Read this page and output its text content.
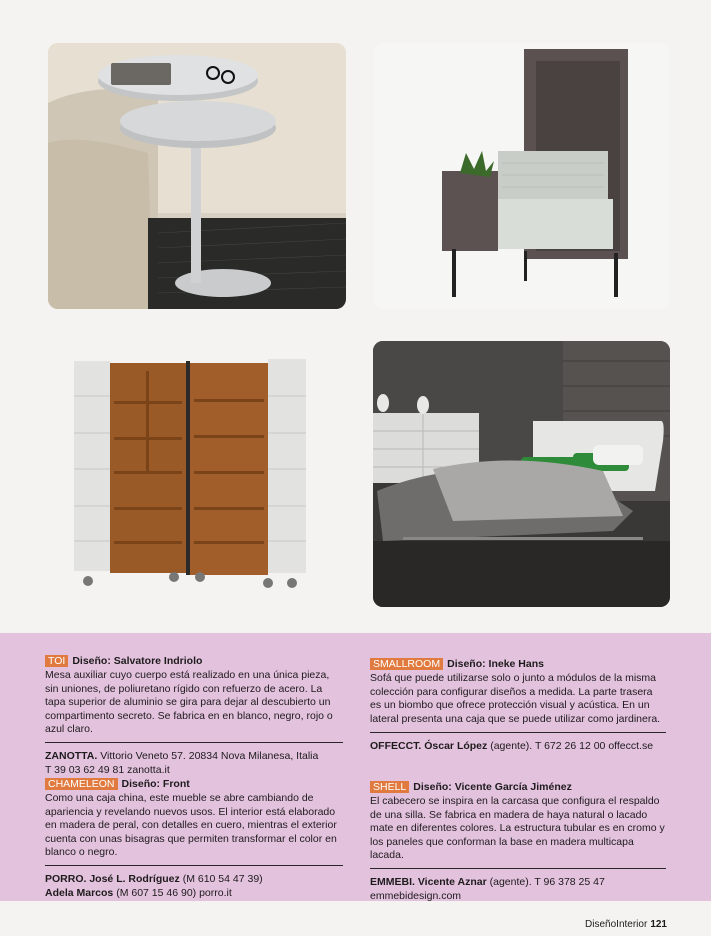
TOI Diseño: Salvatore Indriolo

Mesa auxiliar cuyo cuerpo está realizado en una única pieza, sin uniones, de poliuretano rígido con refuerzo de acero. La tapa superior de aluminio se gira para dejar al descubierto un compartimento secreto. Se fabrica en en blanco, negro, rojo o azul claro.

ZANOTTA. Vittorio Veneto 57. 20834 Nova Milanesa, Italia
T 39 03 62 49 81 zanotta.it
SMALLROOM Diseño: Ineke Hans

Sofá que puede utilizarse solo o junto a módulos de la misma colección para configurar diseños a medida. La parte trasera es un biombo que ofrece protección visual y acústica. En un lateral presenta una caja que se puede utilizar como jardinera.

OFFECCT. Óscar López (agente). T 672 26 12 00 offecct.se
CHAMELEON Diseño: Front

Como una caja china, este mueble se abre cambiando de apariencia y revelando nuevos usos. El interior está elaborado en madera de peral, con detalles en cuero, mientras el exterior cuenta con unas bisagras que permiten transformar el color en blanco o negro.

PORRO. José L. Rodríguez (M 610 54 47 39)
Adela Marcos (M 607 15 46 90) porro.it
SHELL Diseño: Vicente García Jiménez

El cabecero se inspira en la carcasa que configura el respaldo de una silla. Se fabrica en madera de haya natural o lacado mate en diferentes colores. La estructura tubular es en cromo y los paneles que conforman la base en madera multicapa lacada.

EMMEBI. Vicente Aznar (agente). T 96 378 25 47
emmebidesign.com
DiseñoInterior 121
